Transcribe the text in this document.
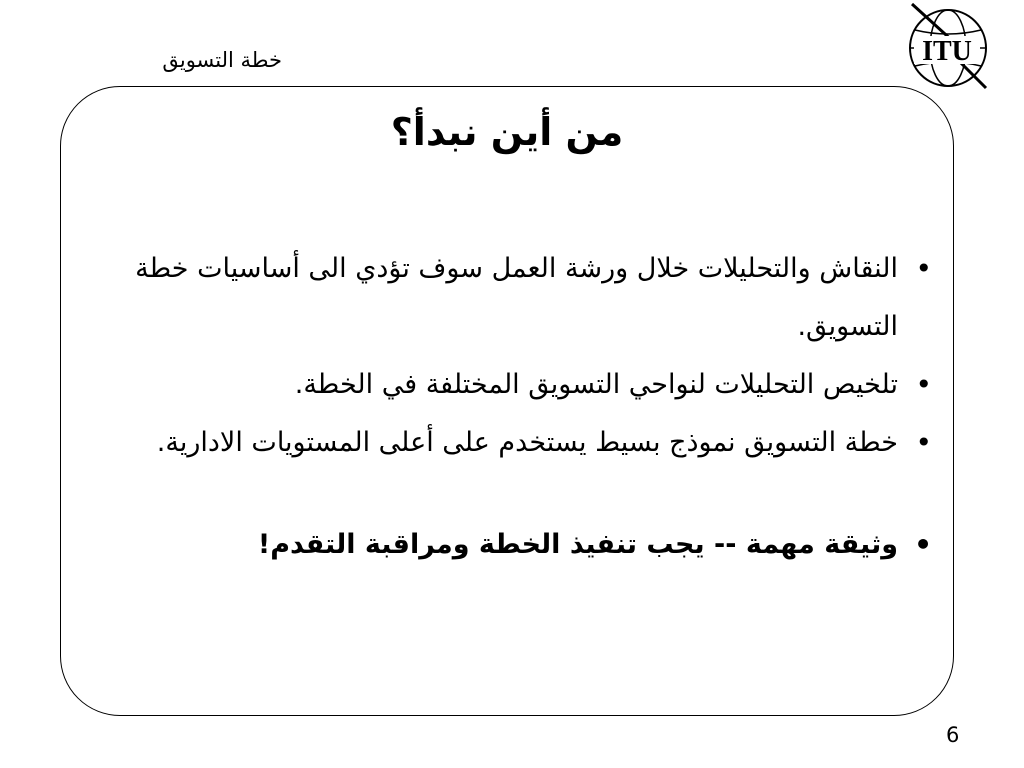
خطة التسويق	ITU
من أين نبدأ؟
•
النقاش والتحليلات خلال ورشة العمل سوف تؤدي الى أساسيات خطة التسويق.
•
تلخيص التحليلات لنواحي التسويق المختلفة في الخطة.
•
خطة التسويق نموذج بسيط يستخدم على أعلى المستويات الادارية.
•
وثيقة مهمة -- يجب تنفيذ الخطة ومراقبة التقدم!
6
